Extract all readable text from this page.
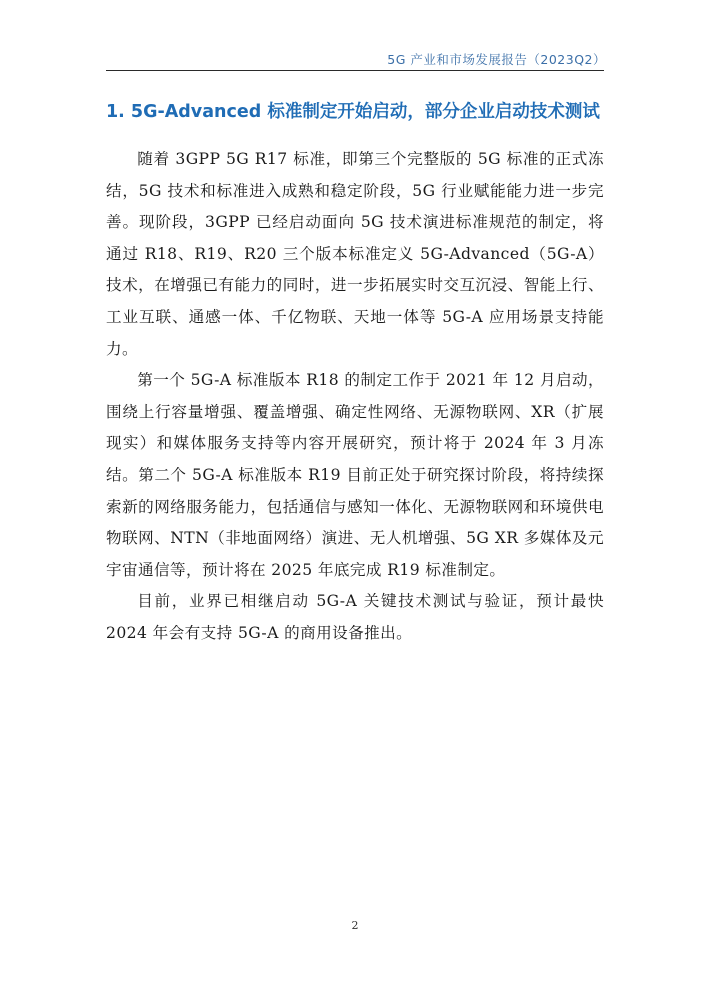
5G 产业和市场发展报告（2023Q2）
1. 5G-Advanced 标准制定开始启动，部分企业启动技术测试

随着 3GPP 5G R17 标准，即第三个完整版的 5G 标准的正式冻结，5G 技术和标准进入成熟和稳定阶段，5G 行业赋能能力进一步完善。现阶段，3GPP 已经启动面向 5G 技术演进标准规范的制定，将通过 R18、R19、R20 三个版本标准定义 5G-Advanced（5G-A）技术，在增强已有能力的同时，进一步拓展实时交互沉浸、智能上行、工业互联、通感一体、千亿物联、天地一体等 5G-A 应用场景支持能力。

第一个 5G-A 标准版本 R18 的制定工作于 2021 年 12 月启动，围绕上行容量增强、覆盖增强、确定性网络、无源物联网、XR（扩展现实）和媒体服务支持等内容开展研究，预计将于 2024 年 3 月冻结。第二个 5G-A 标准版本 R19 目前正处于研究探讨阶段，将持续探索新的网络服务能力，包括通信与感知一体化、无源物联网和环境供电物联网、NTN（非地面网络）演进、无人机增强、5G XR 多媒体及元宇宙通信等，预计将在 2025 年底完成 R19 标准制定。

目前，业界已相继启动 5G-A 关键技术测试与验证，预计最快 2024 年会有支持 5G-A 的商用设备推出。

2
